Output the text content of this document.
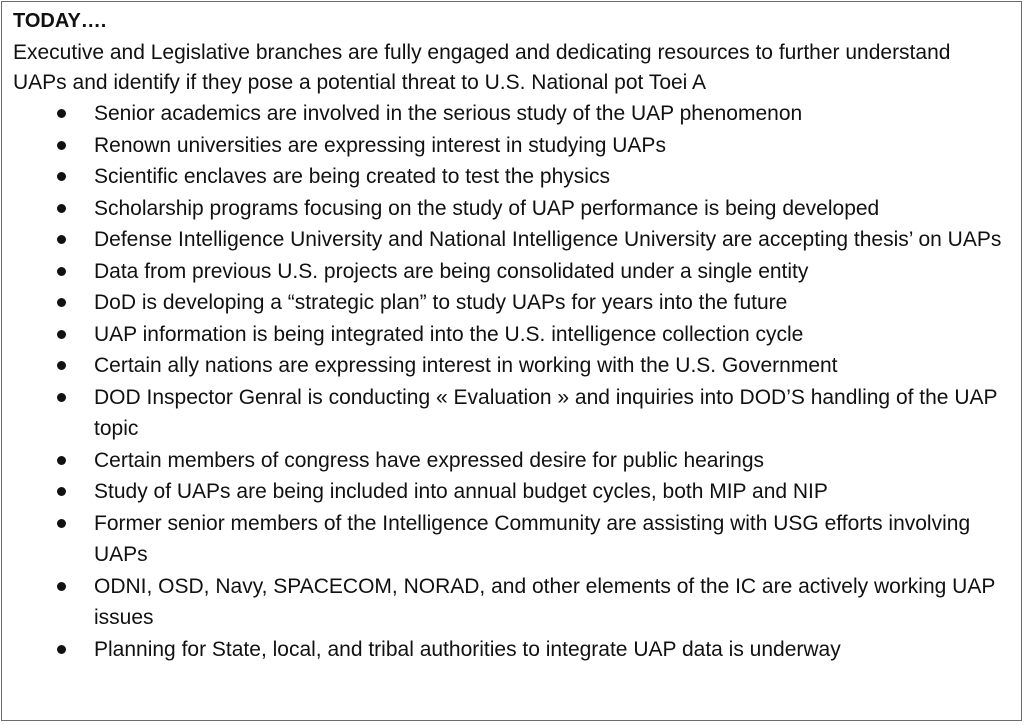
TODAY….

Executive and Legislative branches are fully engaged and dedicating resources to further understand UAPs and identify if they pose a potential threat to U.S. National pot Toei A

Senior academics are involved in the serious study of the UAP phenomenon
Renown universities are expressing interest in studying UAPs
Scientific enclaves are being created to test the physics
Scholarship programs focusing on the study of UAP performance is being developed
Defense Intelligence University and National Intelligence University are accepting thesis’ on UAPs
Data from previous U.S. projects are being consolidated under a single entity
DoD is developing a “strategic plan” to study UAPs for years into the future
UAP information is being integrated into the U.S. intelligence collection cycle
Certain ally nations are expressing interest in working with the U.S. Government
DOD Inspector Genral is conducting « Evaluation » and inquiries into DOD’S handling of the UAP topic
Certain members of congress have expressed desire for public hearings
Study of UAPs are being included into annual budget cycles, both MIP and NIP
Former senior members of the Intelligence Community are assisting with USG efforts involving UAPs
ODNI, OSD, Navy, SPACECOM, NORAD, and other elements of the IC are actively working UAP issues
Planning for State, local, and tribal authorities to integrate UAP data is underway
